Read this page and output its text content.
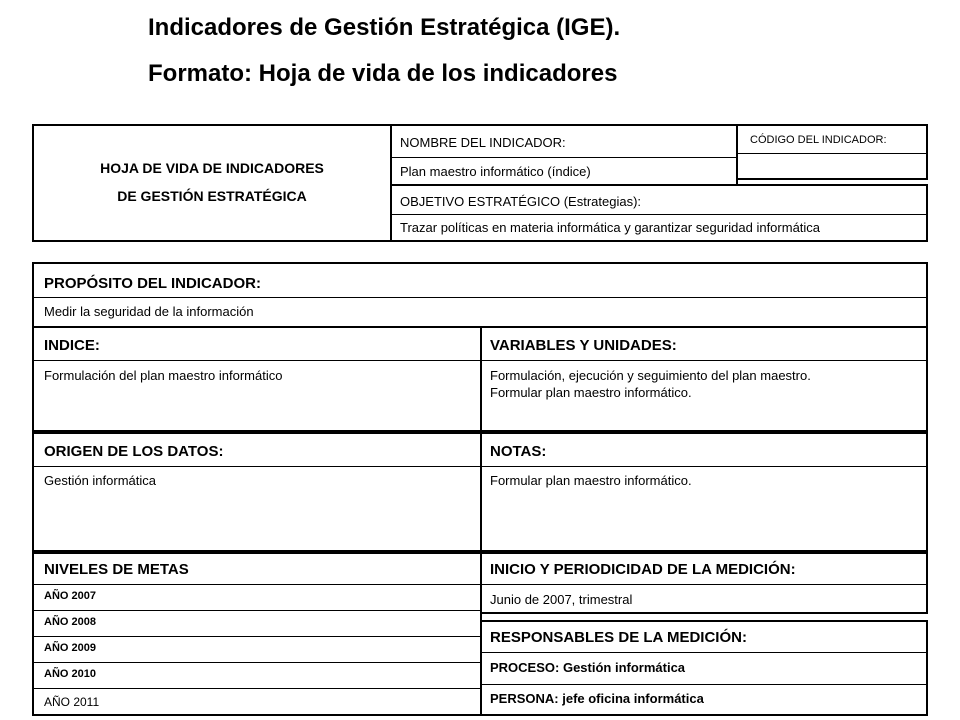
Indicadores de Gestión Estratégica (IGE).
Formato: Hoja de vida de los indicadores
HOJA DE VIDA DE INDICADORES
DE GESTIÓN ESTRATÉGICA
NOMBRE DEL INDICADOR:
Plan maestro informático (índice)
CÓDIGO DEL INDICADOR:
OBJETIVO ESTRATÉGICO (Estrategias):
Trazar políticas en materia informática y garantizar seguridad informática
PROPÓSITO DEL INDICADOR:
Medir la seguridad de la información
INDICE:	VARIABLES Y UNIDADES:
Formulación del plan maestro informático	Formulación, ejecución y seguimiento del plan maestro.
Formular plan maestro informático.
ORIGEN DE LOS DATOS:	NOTAS:
Gestión informática	Formular plan maestro informático.
NIVELES DE METAS
AÑO 2007
AÑO 2008
AÑO 2009
AÑO 2010
AÑO 2011
INICIO Y PERIODICIDAD DE LA MEDICIÓN:
Junio de 2007, trimestral
RESPONSABLES DE LA MEDICIÓN:
PROCESO: Gestión informática
PERSONA: jefe oficina informática
